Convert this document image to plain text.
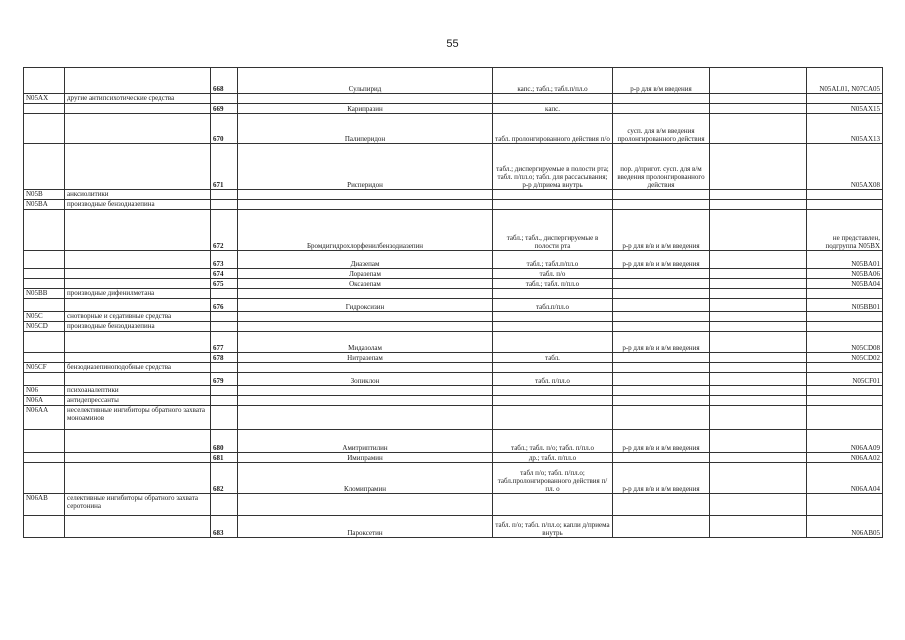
55
		668	Сульпирид	капс.; табл.; табл.п/пл.о	р-р для в/м введения		N05AL01, N07CA05
N05AX	другие антипсихотические средства						
		669	Карипразин	капс.			N05AX15
		670	Палиперидон	табл. пролонгированного действия п/о	сусп. для в/м введения пролонгированного действия		N05AX13
		671	Рисперидон	табл.; диспергируемые в полости рта; табл. п/пл.о; табл. для рассасывания; р-р д/приема внутрь	пор. д/пригот. сусп. для в/м введения пролонгированного действия		N05AX08
N05B	анксиолитики						
N05BA	производные бензодиазепина						
		672	Бромдигидрохлорфенилбензодиазепин	табл.; табл., диспергируемые в полости рта	р-р для в/в и в/м введения		не представлен, подгруппа N05BX
		673	Диазепам	табл.; табл.п/пл.о	р-р для в/в и в/м введения		N05BA01
		674	Лоразепам	табл. п/о			N05BA06
		675	Оксазепам	табл.; табл. п/пл.о			N05BA04
N05BB	производные дифенилметана						
		676	Гидроксизин	табл.п/пл.о			N05BB01
N05C	снотворные и седативные средства						
N05CD	производные бензодиазепина						
		677	Мидазолам		р-р для в/в и в/м введения		N05CD08
		678	Нитразепам	табл.			N05CD02
N05CF	бензодиазепиноподобные средства						
		679	Зопиклон	табл. п/пл.о			N05CF01
N06	психоаналептики						
N06A	антидепрессанты						
N06AA	неселективные ингибиторы обратного захвата моноаминов						
		680	Амитриптилин	табл.; табл. п/о; табл. п/пл.о	р-р для в/в и в/м введения		N06AA09
		681	Имипрамин	др.; табл. п/пл.о			N06AA02
		682	Кломипрамин	табл п/о; табл. п/пл.о; табл.пролонгированного действия п/пл. о	р-р для в/в и в/м введения		N06AA04
N06AB	селективные ингибиторы обратного захвата серотонина						
		683	Пароксетин	табл. п/о; табл. п/пл.о; капли д/приема внутрь			N06AB05
